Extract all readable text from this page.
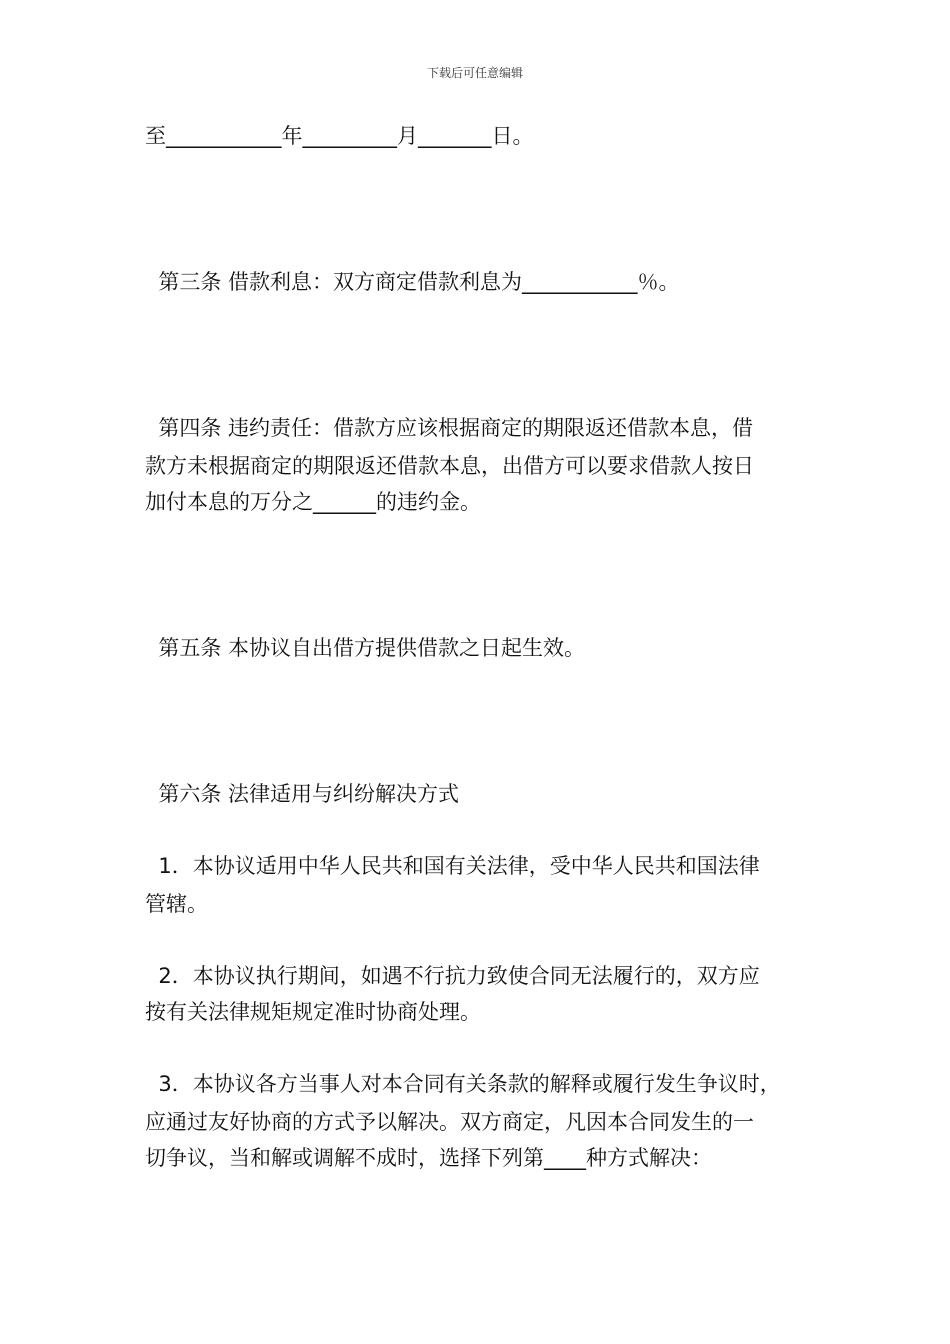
下载后可任意编辑
至___________年_________月_______日。
第三条 借款利息：双方商定借款利息为___________％。
第四条 违约责任：借款方应该根据商定的期限返还借款本息，借
款方未根据商定的期限返还借款本息，出借方可以要求借款人按日
加付本息的万分之______的违约金。
第五条 本协议自出借方提供借款之日起生效。
第六条 法律适用与纠纷解决方式
1．本协议适用中华人民共和国有关法律，受中华人民共和国法律
管辖。
2．本协议执行期间，如遇不行抗力致使合同无法履行的，双方应
按有关法律规矩规定准时协商处理。
3．本协议各方当事人对本合同有关条款的解释或履行发生争议时，
应通过友好协商的方式予以解决。双方商定，凡因本合同发生的一
切争议，当和解或调解不成时，选择下列第____种方式解决：
